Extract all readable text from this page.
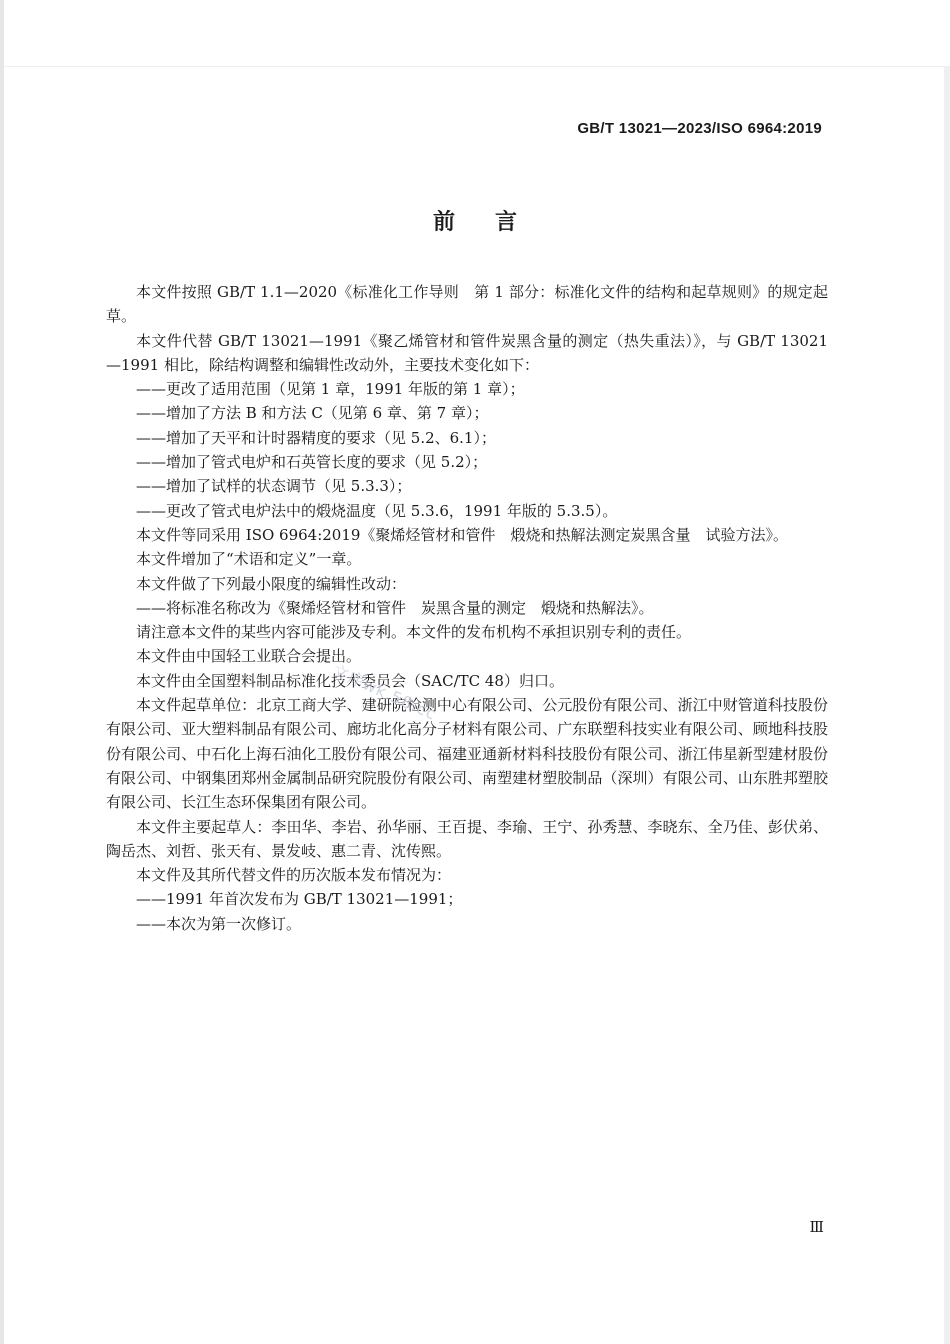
GB/T 13021—2023/ISO 6964:2019
前言

本文件按照 GB/T 1.1—2020《标准化工作导则　第 1 部分：标准化文件的结构和起草规则》的规定起草。

本文件代替 GB/T 13021—1991《聚乙烯管材和管件炭黑含量的测定（热失重法）》，与 GB/T 13021—1991 相比，除结构调整和编辑性改动外，主要技术变化如下：

——更改了适用范围（见第 1 章，1991 年版的第 1 章）；

——增加了方法 B 和方法 C（见第 6 章、第 7 章）；

——增加了天平和计时器精度的要求（见 5.2、6.1）；

——增加了管式电炉和石英管长度的要求（见 5.2）；

——增加了试样的状态调节（见 5.3.3）；

——更改了管式电炉法中的煅烧温度（见 5.3.6，1991 年版的 5.3.5）。

本文件等同采用 ISO 6964:2019《聚烯烃管材和管件　煅烧和热解法测定炭黑含量　试验方法》。

本文件增加了“术语和定义”一章。

本文件做了下列最小限度的编辑性改动：

——将标准名称改为《聚烯烃管材和管件　炭黑含量的测定　煅烧和热解法》。

请注意本文件的某些内容可能涉及专利。本文件的发布机构不承担识别专利的责任。

本文件由中国轻工业联合会提出。

本文件由全国塑料制品标准化技术委员会（SAC/TC 48）归口。

本文件起草单位：北京工商大学、建研院检测中心有限公司、公元股份有限公司、浙江中财管道科技股份有限公司、亚大塑料制品有限公司、廊坊北化高分子材料有限公司、广东联塑科技实业有限公司、顾地科技股份有限公司、中石化上海石油化工股份有限公司、福建亚通新材料科技股份有限公司、浙江伟星新型建材股份有限公司、中钢集团郑州金属制品研究院股份有限公司、南塑建材塑胶制品（深圳）有限公司、山东胜邦塑胶有限公司、长江生态环保集团有限公司。

本文件主要起草人：李田华、李岩、孙华丽、王百提、李瑜、王宁、孙秀慧、李晓东、全乃佳、彭伏弟、陶岳杰、刘哲、张天有、景发岐、惠二青、沈传熙。

本文件及其所代替文件的历次版本发布情况为：

——1991 年首次发布为 GB/T 13021—1991；

——本次为第一次修订。

文库wk.58.cc
Ⅲ
